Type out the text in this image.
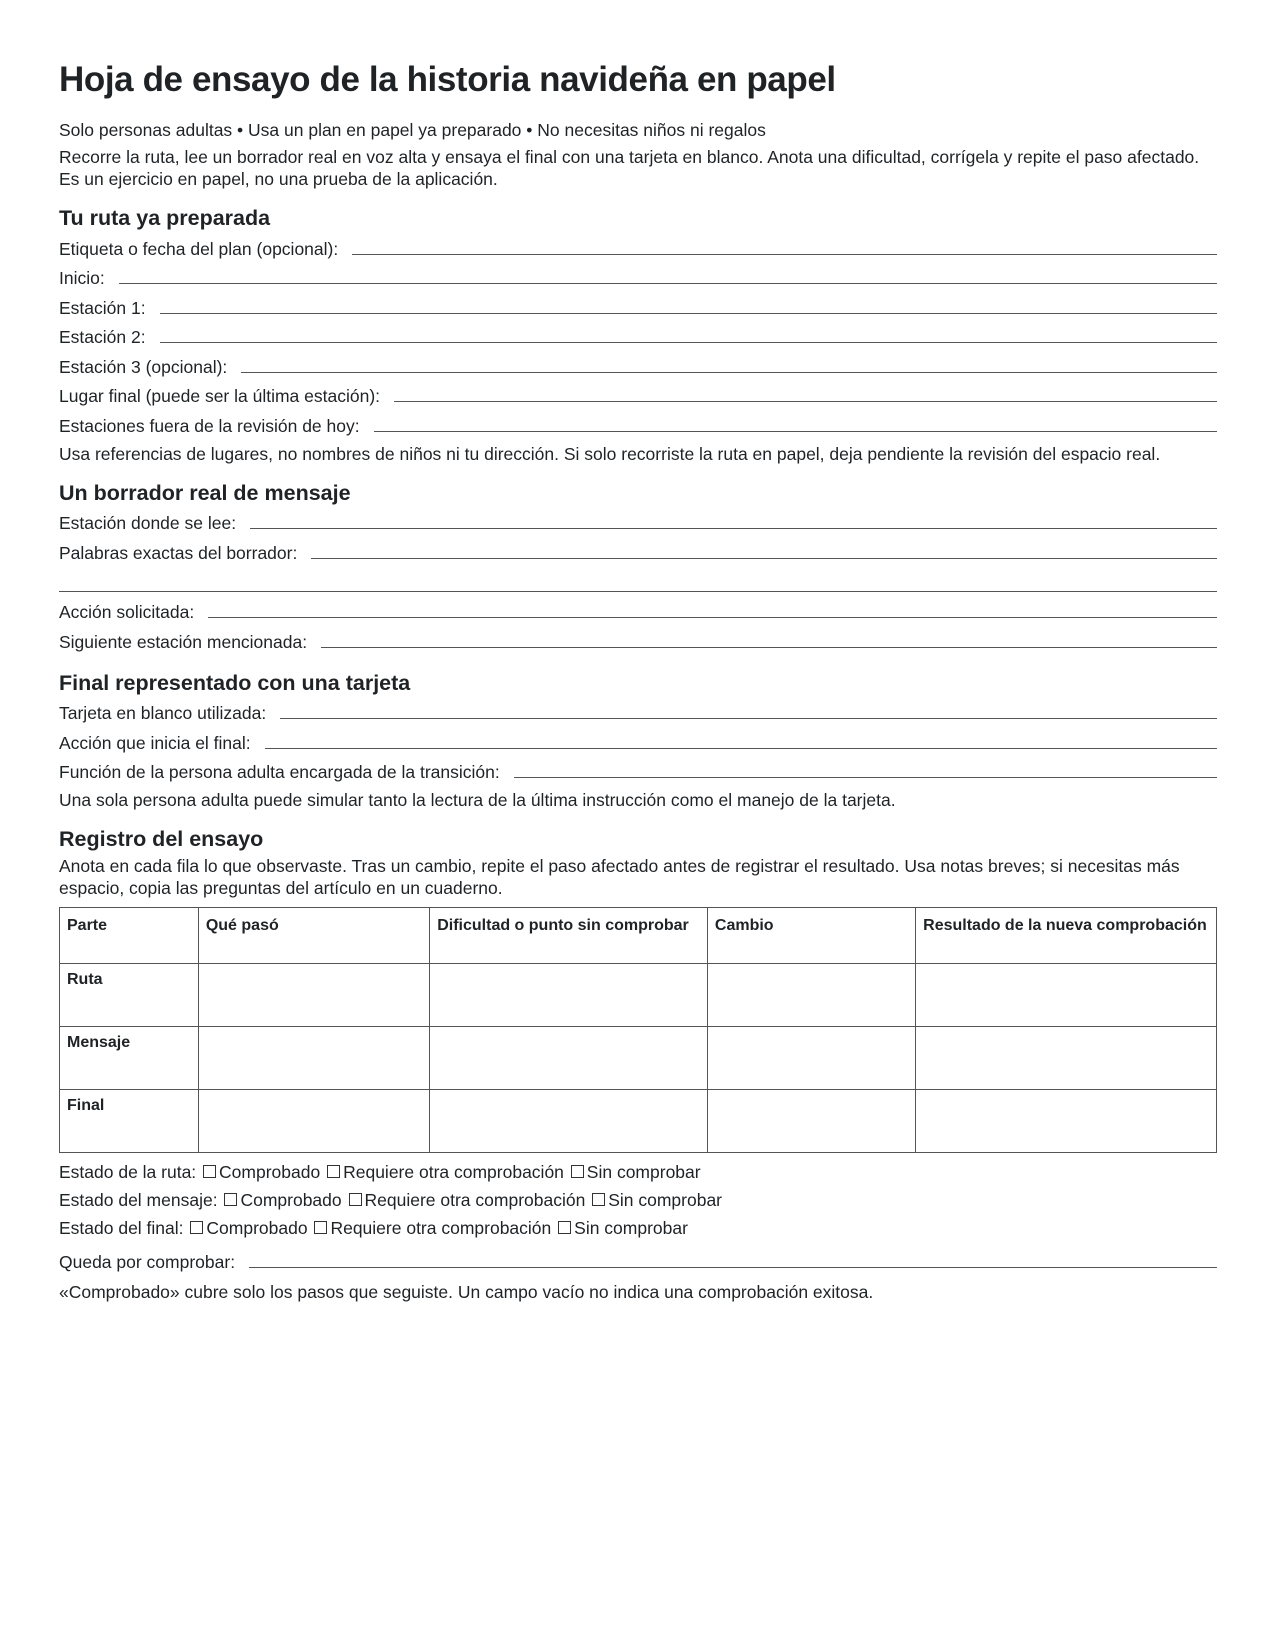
Hoja de ensayo de la historia navideña en papel
Solo personas adultas • Usa un plan en papel ya preparado • No necesitas niños ni regalos
Recorre la ruta, lee un borrador real en voz alta y ensaya el final con una tarjeta en blanco. Anota una dificultad, corrígela y repite el paso afectado. Es un ejercicio en papel, no una prueba de la aplicación.
Tu ruta ya preparada
Etiqueta o fecha del plan (opcional):
Inicio:
Estación 1:
Estación 2:
Estación 3 (opcional):
Lugar final (puede ser la última estación):
Estaciones fuera de la revisión de hoy:
Usa referencias de lugares, no nombres de niños ni tu dirección. Si solo recorriste la ruta en papel, deja pendiente la revisión del espacio real.
Un borrador real de mensaje
Estación donde se lee:
Palabras exactas del borrador:
Acción solicitada:
Siguiente estación mencionada:
Final representado con una tarjeta
Tarjeta en blanco utilizada:
Acción que inicia el final:
Función de la persona adulta encargada de la transición:
Una sola persona adulta puede simular tanto la lectura de la última instrucción como el manejo de la tarjeta.
Registro del ensayo
Anota en cada fila lo que observaste. Tras un cambio, repite el paso afectado antes de registrar el resultado. Usa notas breves; si necesitas más espacio, copia las preguntas del artículo en un cuaderno.
Parte	Qué pasó	Dificultad o punto sin comprobar	Cambio	Resultado de la nueva comprobación
Ruta				
Mensaje				
Final				
Estado de la ruta: Comprobado Requiere otra comprobación Sin comprobar
Estado del mensaje: Comprobado Requiere otra comprobación Sin comprobar
Estado del final: Comprobado Requiere otra comprobación Sin comprobar
Queda por comprobar:
«Comprobado» cubre solo los pasos que seguiste. Un campo vacío no indica una comprobación exitosa.
